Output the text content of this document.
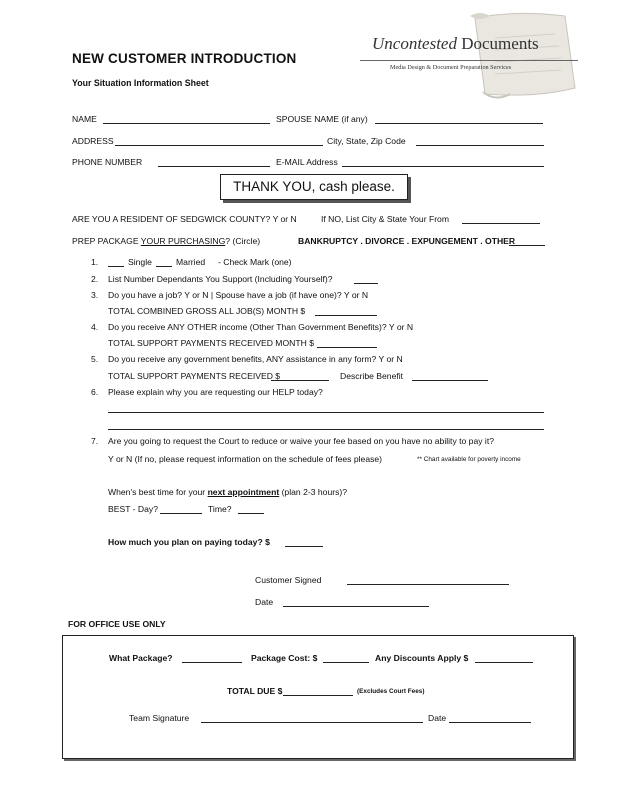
Uncontested Documents
Media Design & Document Preparation Services
NEW CUSTOMER INTRODUCTION
Your Situation Information Sheet
NAME	SPOUSE NAME (if any)
ADDRESS	City, State, Zip Code
PHONE NUMBER	E-MAIL Address
THANK YOU, cash please.
ARE YOU A RESIDENT OF SEDGWICK COUNTY? Y or N	If NO, List City & State Your From
PREP PACKAGE YOUR PURCHASING? (Circle)	BANKRUPTCY . DIVORCE . EXPUNGEMENT . OTHER
1.	Single	Married - Check Mark (one)
2. List Number Dependants You Support (Including Yourself)?
3. Do you have a job? Y or N | Spouse have a job (if have one)? Y or N
TOTAL COMBINED GROSS ALL JOB(S) MONTH $
4. Do you receive ANY OTHER income (Other Than Government Benefits)? Y or N
TOTAL SUPPORT PAYMENTS RECEIVED MONTH $
5. Do you receive any government benefits, ANY assistance in any form? Y or N
TOTAL SUPPORT PAYMENTS RECEIVED $	Describe Benefit
6. Please explain why you are requesting our HELP today?
7. Are you going to request the Court to reduce or waive your fee based on you have no ability to pay it?
Y or N (If no, please request information on the schedule of fees please)	** Chart available for poverty income
When's best time for your next appointment (plan 2-3 hours)?
BEST - Day?	Time?
How much you plan on paying today? $
Customer Signed
Date
FOR OFFICE USE ONLY
What Package?	Package Cost: $	Any Discounts Apply $
TOTAL DUE $	(Excludes Court Fees)
Team Signature	Date
